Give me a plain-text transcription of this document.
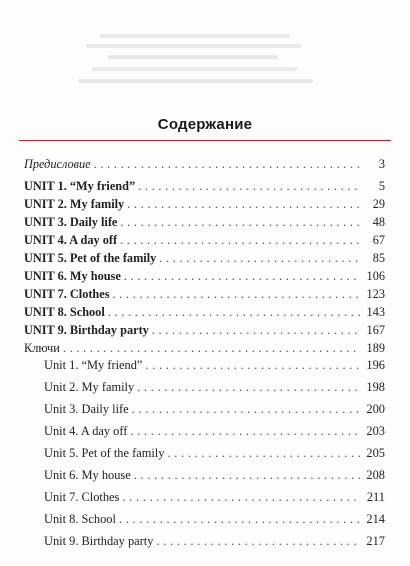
Содержание
Предисловие . . .	3
UNIT 1. “My friend” . . .	5
UNIT 2. My family . . .	29
UNIT 3. Daily life . . .	48
UNIT 4. A day off . . .	67
UNIT 5. Pet of the family . . .	85
UNIT 6. My house . . .	106
UNIT 7. Clothes . . .	123
UNIT 8. School . . .	143
UNIT 9. Birthday party . . .	167
Ключи . . .	189
Unit 1. “My friend” . . .	196
Unit 2. My family . . .	198
Unit 3. Daily life . . .	200
Unit 4. A day off . . .	203
Unit 5. Pet of the family . . .	205
Unit 6. My house . . .	208
Unit 7. Clothes . . .	211
Unit 8. School . . .	214
Unit 9. Birthday party . . .	217
